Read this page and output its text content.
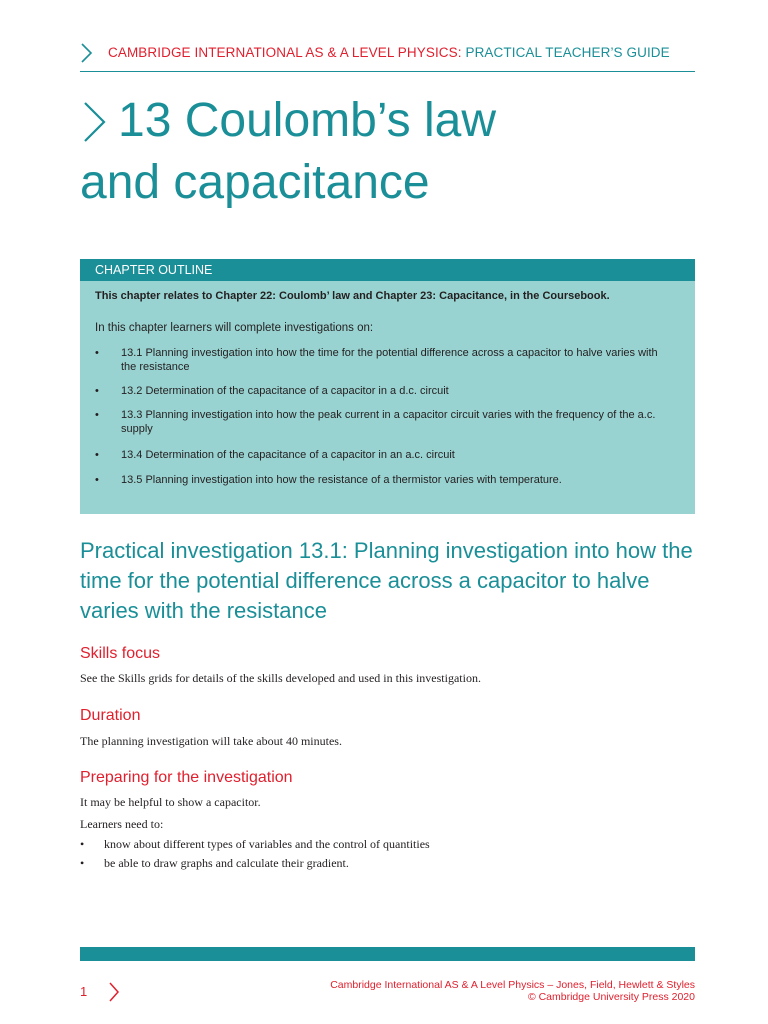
CAMBRIDGE INTERNATIONAL AS & A LEVEL PHYSICS: PRACTICAL TEACHER’S GUIDE
13 Coulomb’s law
and capacitance
CHAPTER OUTLINE
This chapter relates to Chapter 22: Coulomb’ law and Chapter 23: Capacitance, in the Coursebook.
In this chapter learners will complete investigations on:
• 13.1 Planning investigation into how the time for the potential difference across a capacitor to halve varies with the resistance
• 13.2 Determination of the capacitance of a capacitor in a d.c. circuit
• 13.3 Planning investigation into how the peak current in a capacitor circuit varies with the frequency of the a.c. supply
• 13.4 Determination of the capacitance of a capacitor in an a.c. circuit
• 13.5 Planning investigation into how the resistance of a thermistor varies with temperature.
Practical investigation 13.1: Planning investigation into how the time for the potential difference across a capacitor to halve varies with the resistance
Skills focus
See the Skills grids for details of the skills developed and used in this investigation.
Duration
The planning investigation will take about 40 minutes.
Preparing for the investigation
It may be helpful to show a capacitor.
Learners need to:
• know about different types of variables and the control of quantities
• be able to draw graphs and calculate their gradient.
1	Cambridge International AS & A Level Physics – Jones, Field, Hewlett & Styles
© Cambridge University Press 2020
